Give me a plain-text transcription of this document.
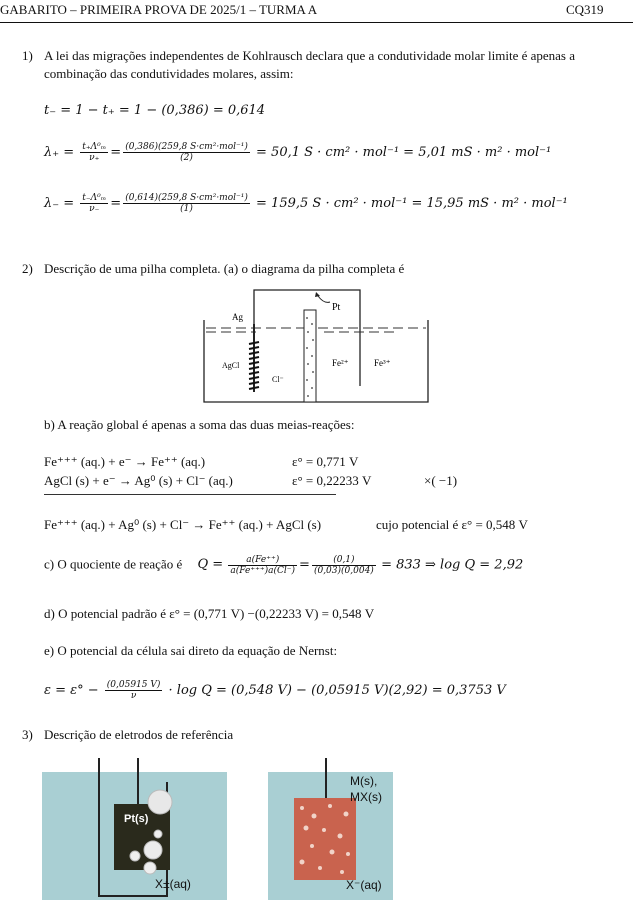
GABARITO – PRIMEIRA PROVA DE 2025/1 – TURMA A	CQ319
1) A lei das migrações independentes de Kohlrausch declara que a condutividade molar limite é apenas a
combinação das condutividades molares, assim:
t₋ = 1 − t₊ = 1 − (0,386) = 0,614
$\lambda_+ = \frac{\text{t₊Λ⁰ₘ}}{\nu_+} = \frac{\text{(0,386)(259,8 S·cm²·mol⁻¹)}}{(2)} = 50,1$ S · cm² · mol⁻¹ = 5,01 mS · m² · mol⁻¹
$\lambda_- = \frac{\text{t₋Λ⁰ₘ}}{\nu_-} = \frac{\text{(0,614)(259,8 S·cm²·mol⁻¹)}}{(1)} = 159,5$ S · cm² · mol⁻¹ = 15,95 mS · m² · mol⁻¹
2) Descrição de uma pilha completa. (a) o diagrama da pilha completa é
Pt
Ag
AgCl
Cl⁻
Fe²⁺	Fe³⁺
b) A reação global é apenas a soma das duas meias-reações:
Fe⁺⁺⁺ (aq.) + e⁻ → Fe⁺⁺ (aq.)	ε° = 0,771 V
AgCl (s) + e⁻ → Ag⁰ (s) + Cl⁻ (aq.)	ε° = 0,22233 V	×( −1)
Fe⁺⁺⁺ (aq.) + Ag⁰ (s) + Cl⁻ → Fe⁺⁺ (aq.) + AgCl (s)	cujo potencial é ε° = 0,548 V
c) O quociente de reação é $Q = \frac{a(Fe^{++})}{a(Fe^{+++})a(Cl^-)} = \frac{(0,1)}{(0,03)(0,004)} = 833$ ⇒ log Q = 2,92
d) O potencial padrão é ε° = (0,771 V) −(0,22233 V) = 0,548 V
e) O potencial da célula sai direto da equação de Nernst:
$\varepsilon = \varepsilon^\circ - \frac{(0,05915 V)}{\nu} \cdot \log Q = (0,548$ V) − (0,05915 V)(2,92) = 0,3753 V
3) Descrição de eletrodos de referência
Pt(s)
X±(aq)
M(s),
MX(s)
X⁻(aq)
